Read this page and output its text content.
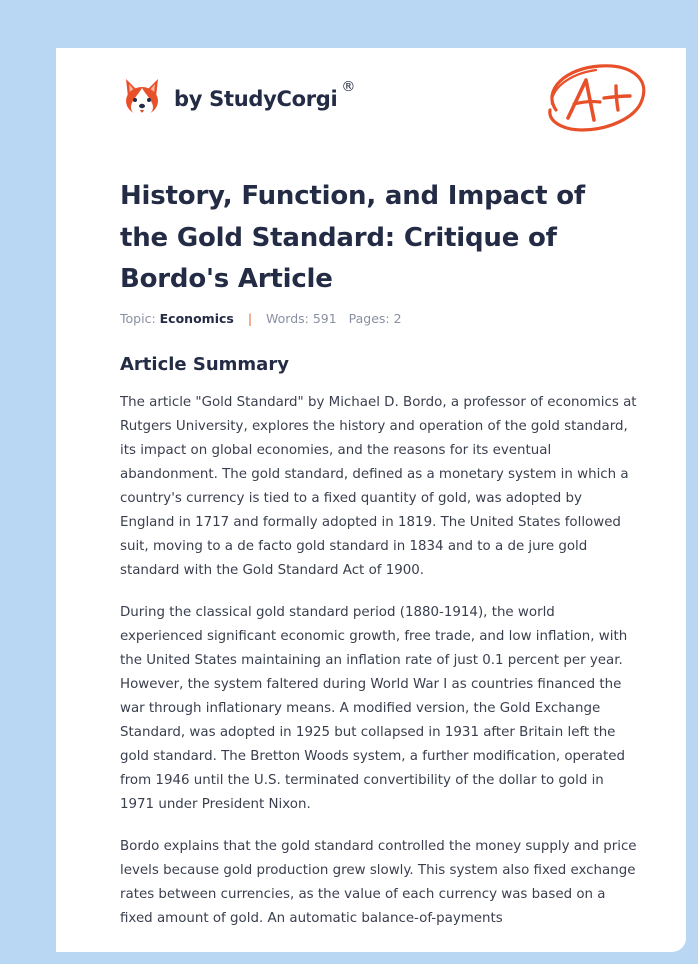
by StudyCorgi ®
History, Function, and Impact of the Gold Standard: Critique of Bordo's Article
Topic: Economics | Words: 591 Pages: 2
Article Summary

The article "Gold Standard" by Michael D. Bordo, a professor of economics at Rutgers University, explores the history and operation of the gold standard, its impact on global economies, and the reasons for its eventual abandonment. The gold standard, defined as a monetary system in which a country's currency is tied to a fixed quantity of gold, was adopted by England in 1717 and formally adopted in 1819. The United States followed suit, moving to a de facto gold standard in 1834 and to a de jure gold standard with the Gold Standard Act of 1900.

During the classical gold standard period (1880-1914), the world experienced significant economic growth, free trade, and low inflation, with the United States maintaining an inflation rate of just 0.1 percent per year. However, the system faltered during World War I as countries financed the war through inflationary means. A modified version, the Gold Exchange Standard, was adopted in 1925 but collapsed in 1931 after Britain left the gold standard. The Bretton Woods system, a further modification, operated from 1946 until the U.S. terminated convertibility of the dollar to gold in 1971 under President Nixon.

Bordo explains that the gold standard controlled the money supply and price levels because gold production grew slowly. This system also fixed exchange rates between currencies, as the value of each currency was based on a fixed amount of gold. An automatic balance-of-payments
